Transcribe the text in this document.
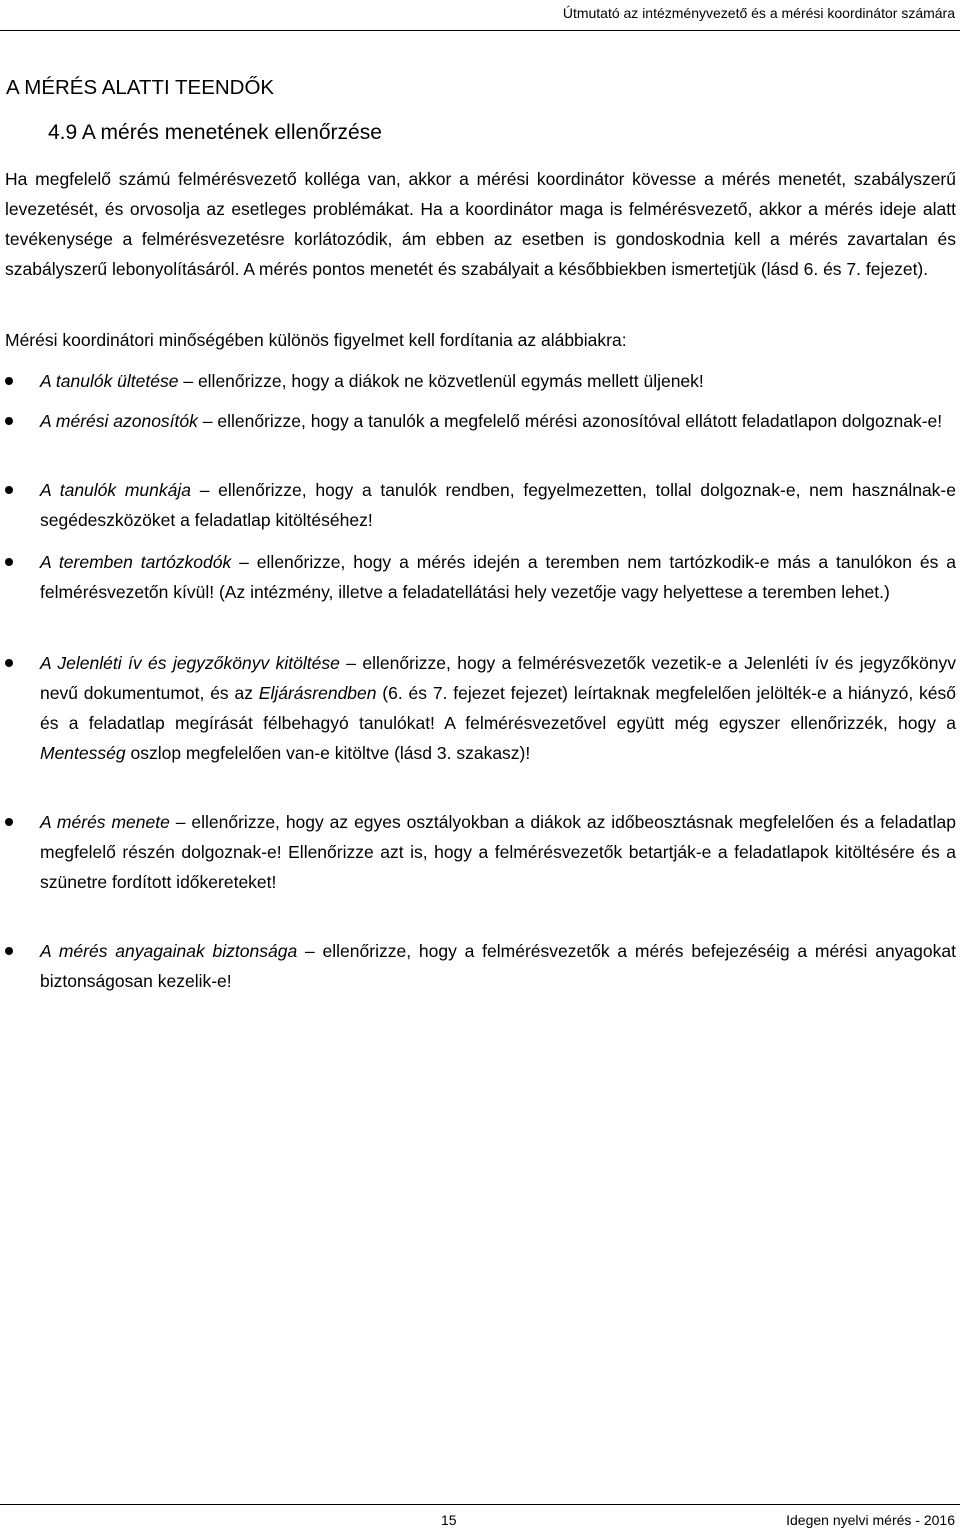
Útmutató az intézményvezető és a mérési koordinátor számára
A MÉRÉS ALATTI TEENDŐK
4.9 A mérés menetének ellenőrzése
Ha megfelelő számú felmérésvezető kolléga van, akkor a mérési koordinátor kövesse a mérés menetét, szabályszerű levezetését, és orvosolja az esetleges problémákat. Ha a koordinátor maga is felmérésvezető, akkor a mérés ideje alatt tevékenysége a felmérésvezetésre korlátozódik, ám ebben az esetben is gondoskodnia kell a mérés zavartalan és szabályszerű lebonyolításáról. A mérés pontos menetét és szabályait a későbbiekben ismertetjük (lásd 6. és 7. fejezet).
Mérési koordinátori minőségében különös figyelmet kell fordítania az alábbiakra:
A tanulók ültetése – ellenőrizze, hogy a diákok ne közvetlenül egymás mellett üljenek!
A mérési azonosítók – ellenőrizze, hogy a tanulók a megfelelő mérési azonosítóval ellátott feladatlapon dolgoznak-e!
A tanulók munkája – ellenőrizze, hogy a tanulók rendben, fegyelmezetten, tollal dolgoznak-e, nem használnak-e segédeszközöket a feladatlap kitöltéséhez!
A teremben tartózkodók – ellenőrizze, hogy a mérés idején a teremben nem tartózkodik-e más a tanulókon és a felmérésvezetőn kívül! (Az intézmény, illetve a feladatellátási hely vezetője vagy helyettese a teremben lehet.)
A Jelenléti ív és jegyzőkönyv kitöltése – ellenőrizze, hogy a felmérésvezetők vezetik-e a Jelenléti ív és jegyzőkönyv nevű dokumentumot, és az Eljárásrendben (6. és 7. fejezet fejezet) leírtaknak megfelelően jelölték-e a hiányzó, késő és a feladatlap megírását félbehagyó tanulókat! A felmérésvezetővel együtt még egyszer ellenőrizzék, hogy a Mentesség oszlop megfelelően van-e kitöltve (lásd 3. szakasz)!
A mérés menete – ellenőrizze, hogy az egyes osztályokban a diákok az időbeosztásnak megfelelően és a feladatlap megfelelő részén dolgoznak-e! Ellenőrizze azt is, hogy a felmérésvezetők betartják-e a feladatlapok kitöltésére és a szünetre fordított időkereteket!
A mérés anyagainak biztonsága – ellenőrizze, hogy a felmérésvezetők a mérés befejezéséig a mérési anyagokat biztonságosan kezelik-e!
15	Idegen nyelvi mérés - 2016
